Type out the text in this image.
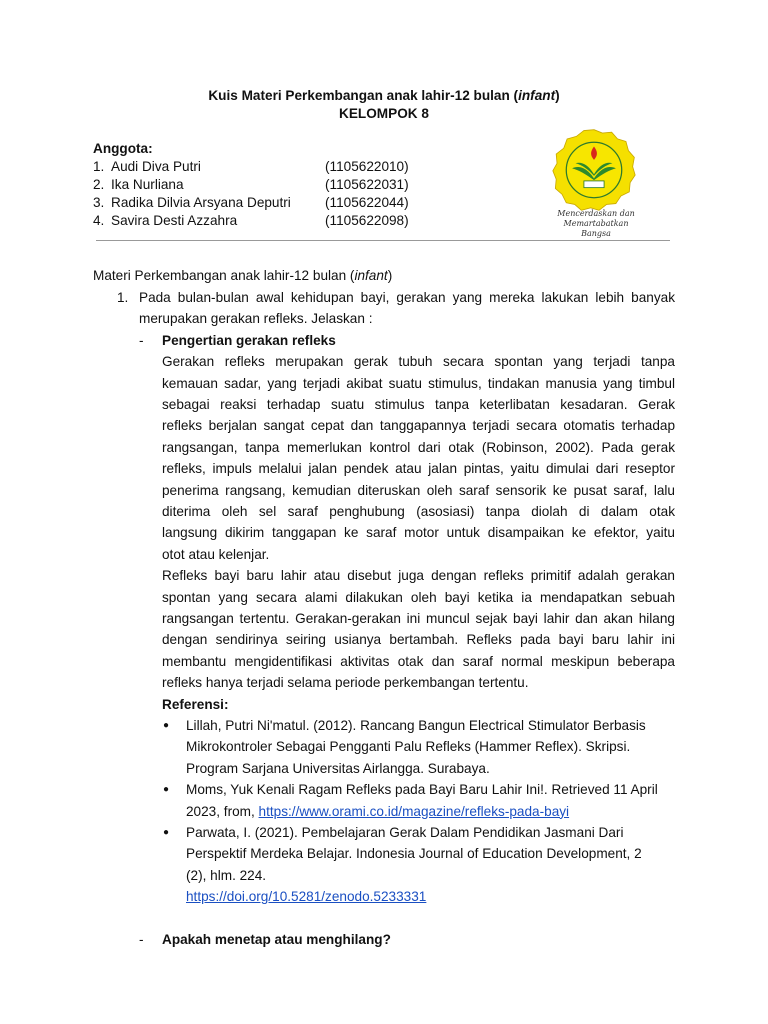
Kuis Materi Perkembangan anak lahir-12 bulan (infant)
KELOMPOK 8
Anggota:
1. Audi Diva Putri	(1105622010)
2. Ika Nurliana	(1105622031)
3. Radika Dilvia Arsyana Deputri	(1105622044)
4. Savira Desti Azzahra	(1105622098)	Mencerdaskan dan
Memartabatkan Bangsa
Materi Perkembangan anak lahir-12 bulan (infant)
1. Pada bulan-bulan awal kehidupan bayi, gerakan yang mereka lakukan lebih banyak
merupakan gerakan refleks. Jelaskan :
- Pengertian gerakan refleks
Gerakan refleks merupakan gerak tubuh secara spontan yang terjadi tanpa
kemauan sadar, yang terjadi akibat suatu stimulus, tindakan manusia yang timbul
sebagai reaksi terhadap suatu stimulus tanpa keterlibatan kesadaran. Gerak
refleks berjalan sangat cepat dan tanggapannya terjadi secara otomatis terhadap
rangsangan, tanpa memerlukan kontrol dari otak (Robinson, 2002). Pada gerak
refleks, impuls melalui jalan pendek atau jalan pintas, yaitu dimulai dari reseptor
penerima rangsang, kemudian diteruskan oleh saraf sensorik ke pusat saraf, lalu
diterima oleh sel saraf penghubung (asosiasi) tanpa diolah di dalam otak
langsung dikirim tanggapan ke saraf motor untuk disampaikan ke efektor, yaitu
otot atau kelenjar.
Refleks bayi baru lahir atau disebut juga dengan refleks primitif adalah gerakan
spontan yang secara alami dilakukan oleh bayi ketika ia mendapatkan sebuah
rangsangan tertentu. Gerakan-gerakan ini muncul sejak bayi lahir dan akan hilang
dengan sendirinya seiring usianya bertambah. Refleks pada bayi baru lahir ini
membantu mengidentifikasi aktivitas otak dan saraf normal meskipun beberapa
refleks hanya terjadi selama periode perkembangan tertentu.
Referensi:
● Lillah, Putri Ni'matul. (2012). Rancang Bangun Electrical Stimulator Berbasis
Mikrokontroler Sebagai Pengganti Palu Refleks (Hammer Reflex). Skripsi.
Program Sarjana Universitas Airlangga. Surabaya.
● Moms, Yuk Kenali Ragam Refleks pada Bayi Baru Lahir Ini!. Retrieved 11 April
2023, from, https://www.orami.co.id/magazine/refleks-pada-bayi
● Parwata, I. (2021). Pembelajaran Gerak Dalam Pendidikan Jasmani Dari
Perspektif Merdeka Belajar. Indonesia Journal of Education Development, 2
(2), hlm. 224.
https://doi.org/10.5281/zenodo.5233331
- Apakah menetap atau menghilang?
